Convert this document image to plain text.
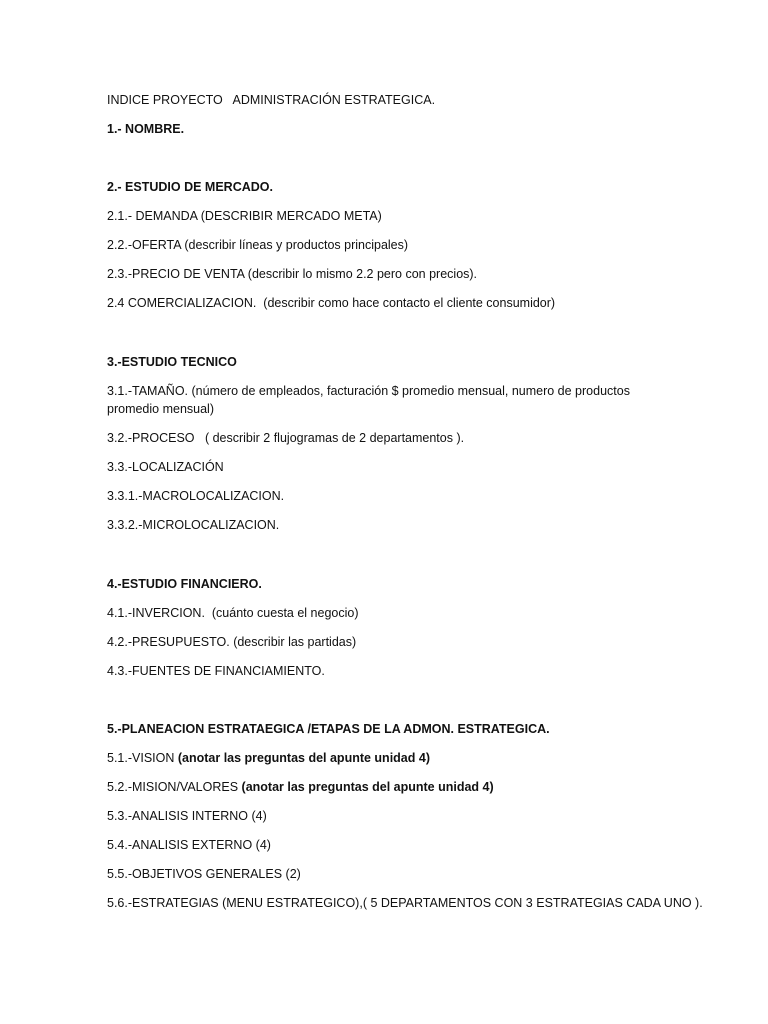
INDICE PROYECTO   ADMINISTRACIÓN ESTRATEGICA.
1.- NOMBRE.
2.- ESTUDIO DE MERCADO.
2.1.- DEMANDA (DESCRIBIR MERCADO META)
2.2.-OFERTA (describir líneas y productos principales)
2.3.-PRECIO DE VENTA (describir lo mismo 2.2 pero con precios).
2.4 COMERCIALIZACION.  (describir como hace contacto el cliente consumidor)
3.-ESTUDIO TECNICO
3.1.-TAMAÑO. (número de empleados, facturación $ promedio mensual, numero de productos promedio mensual)
3.2.-PROCESO   ( describir 2 flujogramas de 2 departamentos ).
3.3.-LOCALIZACIÓN
3.3.1.-MACROLOCALIZACION.
3.3.2.-MICROLOCALIZACION.
4.-ESTUDIO FINANCIERO.
4.1.-INVERCION.  (cuánto cuesta el negocio)
4.2.-PRESUPUESTO. (describir las partidas)
4.3.-FUENTES DE FINANCIAMIENTO.
5.-PLANEACION ESTRATAEGICA /ETAPAS DE LA ADMON. ESTRATEGICA.
5.1.-VISION (anotar las preguntas del apunte unidad 4)
5.2.-MISION/VALORES (anotar las preguntas del apunte unidad 4)
5.3.-ANALISIS INTERNO (4)
5.4.-ANALISIS EXTERNO (4)
5.5.-OBJETIVOS GENERALES (2)
5.6.-ESTRATEGIAS (MENU ESTRATEGICO),( 5 DEPARTAMENTOS CON 3 ESTRATEGIAS CADA UNO ).
